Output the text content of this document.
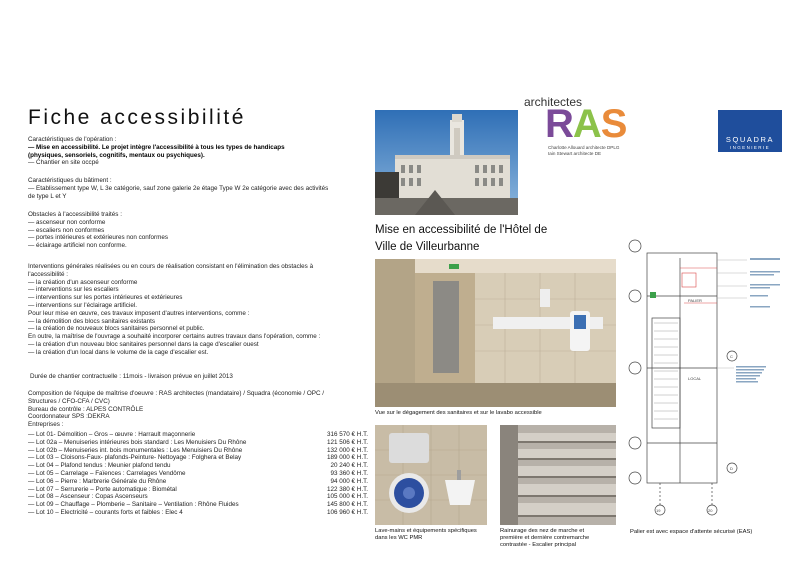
Fiche accessibilité
Caractéristiques de l'opération :
— Mise en accessibilité. Le projet intègre l'accessibilité à tous les types de handicaps
(physiques, sensoriels, cognitifs, mentaux ou psychiques).
— Chantier en site occpé
Caractéristiques du bâtiment :
— Etablissement type W, L 3e catégorie, sauf zone galerie 2e étage Type W 2e catégorie avec des activités
de type L et Y
Obstacles à l'accessibilité traités :
— ascenseur non conforme
— escaliers non conformes
— portes intérieures et extérieures non conformes
— éclairage artificiel non conforme.
Interventions générales réalisées ou en cours de réalisation consistant en l'élimination des obstacles à
l'accessibilité :
— la création d'un ascenseur conforme
— interventions sur les escaliers
— interventions sur les portes intérieures et extérieures
— interventions sur l'éclairage artificiel.
Pour leur mise en œuvre, ces travaux imposent d'autres interventions, comme :
— la démolition des blocs sanitaires existants
— la création de nouveaux blocs sanitaires personnel et public.
En outre, la maîtrise de l'ouvrage a souhaité incorporer certains autres travaux dans l'opération, comme :
— la création d'un nouveau bloc sanitaires personnel dans la cage d'escalier ouest
— la création d'un local dans le volume de la cage d'escalier est.
Durée de chantier contractuelle : 11mois - livraison prévue en juillet 2013
Composition de l'équipe de maîtrise d'oeuvre : RAS architectes (mandataire) / Squadra (économie / OPC /
Structures / CFO-CFA / CVC)
Bureau de contrôle : ALPES CONTRÔLE
Coordonnateur SPS :DEKRA
Entreprises :
— Lot 01- Démolition – Gros – œuvre : Harrault maçonnerie	316 570 € H.T.
— Lot 02a – Menuiseries intérieures bois standard : Les Menuisiers Du Rhône	121 506 € H.T.
— Lot 02b – Menuiseries int. bois monumentales : Les Menuisiers Du Rhône	132 000 € H.T.
— Lot 03 – Cloisons-Faux- plafonds-Peinture- Nettoyage : Folghera et Belay	189 000 € H.T.
— Lot 04 – Plafond tendus : Meunier plafond tendu	20 240 € H.T.
— Lot 05 – Carrelage – Faïences : Carrelages Vendôme	93 360 € H.T.
— Lot 06 – Pierre : Marbrerie Générale du Rhône	94 000 € H.T.
— Lot 07 – Serrurerie – Porte automatique : Biométal	122 380 € H.T.
— Lot 08 – Ascenseur : Copas Ascenseurs	105 000 € H.T.
— Lot 09 – Chauffage – Plomberie – Sanitaire – Ventilation : Rhône Fluides	145 800 € H.T.
— Lot 10 – Electricité – courants forts et faibles : Elec 4	106 960 € H.T.
architectes
RAS
Charlotte Allouard architecte DPLG
Iain Stewart architecte DE
SQUADRA
INGENIERIE
Mise en accessibilité de l'Hôtel de
Ville de Villeurbanne
Vue sur le dégagement des sanitaires et sur le lavabo accessible
Lave-mains et équipements spécifiques
dans les WC PMR
Rainurage des nez de marche et
première et dernière contremarche
contrastée - Escalier principal
PALIER
LOCAL
19	20
C
D
Palier est avec espace d'attente sécurisé (EAS)
